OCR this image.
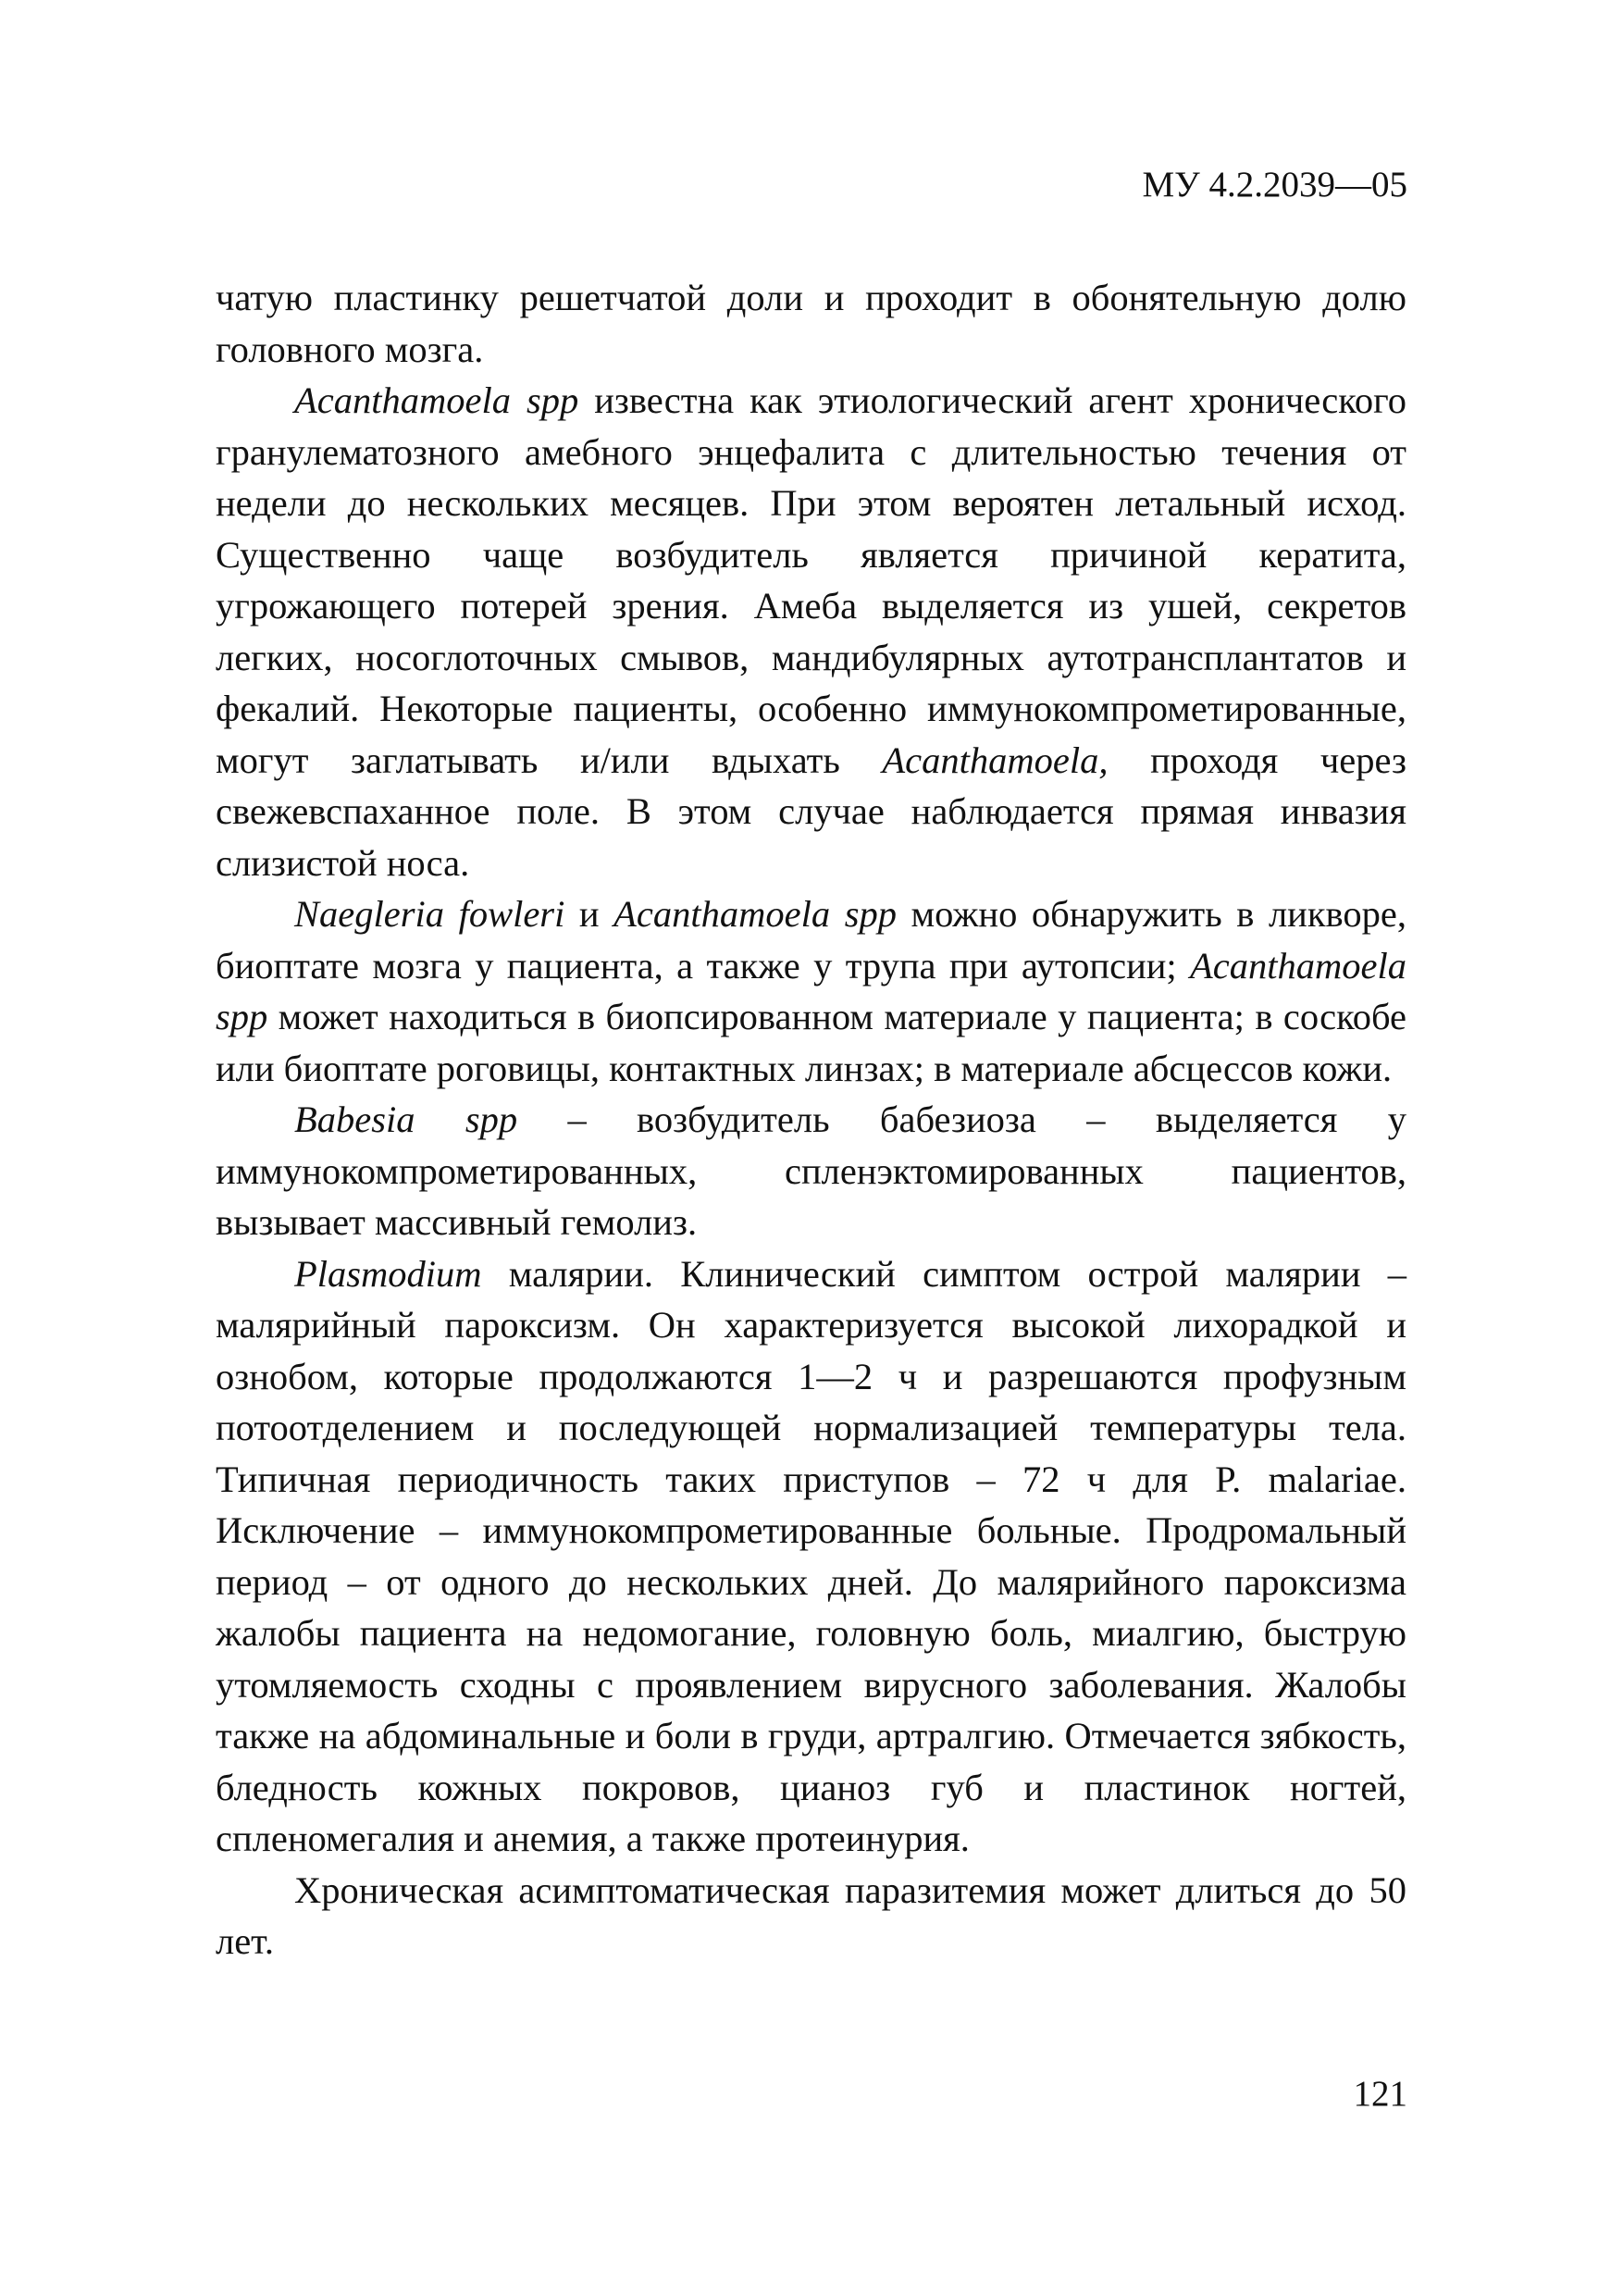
МУ 4.2.2039—05

чатую пластинку решетчатой доли и проходит в обонятельную долю головного мозга.

Acanthamoela spp известна как этиологический агент хронического гранулематозного амебного энцефалита с длительностью течения от недели до нескольких месяцев. При этом вероятен летальный исход. Существенно чаще возбудитель является причиной кератита, угрожающего потерей зрения. Амеба выделяется из ушей, секретов легких, носоглоточных смывов, мандибулярных аутотрансплантатов и фекалий. Некоторые пациенты, особенно иммунокомпрометированные, могут заглатывать и/или вдыхать Acanthamoela, проходя через свежевспаханное поле. В этом случае наблюдается прямая инвазия слизистой носа.

Naegleria fowleri и Acanthamoela spp можно обнаружить в ликворе, биоптате мозга у пациента, а также у трупа при аутопсии; Acanthamoela spp может находиться в биопсированном материале у пациента; в соскобе или биоптате роговицы, контактных линзах; в материале абсцессов кожи.

Babesia spp – возбудитель бабезиоза – выделяется у иммунокомпрометированных, спленэктомированных пациентов, вызывает массивный гемолиз.

Plasmodium малярии. Клинический симптом острой малярии – малярийный пароксизм. Он характеризуется высокой лихорадкой и ознобом, которые продолжаются 1—2 ч и разрешаются профузным потоотделением и последующей нормализацией температуры тела. Типичная периодичность таких приступов – 72 ч для P. malariae. Исключение – иммунокомпрометированные больные. Продромальный период – от одного до нескольких дней. До малярийного пароксизма жалобы пациента на недомогание, головную боль, миалгию, быструю утомляемость сходны с проявлением вирусного заболевания. Жалобы также на абдоминальные и боли в груди, артралгию. Отмечается зябкость, бледность кожных покровов, цианоз губ и пластинок ногтей, спленомегалия и анемия, а также протеинурия.

Хроническая асимптоматическая паразитемия может длиться до 50 лет.

121
